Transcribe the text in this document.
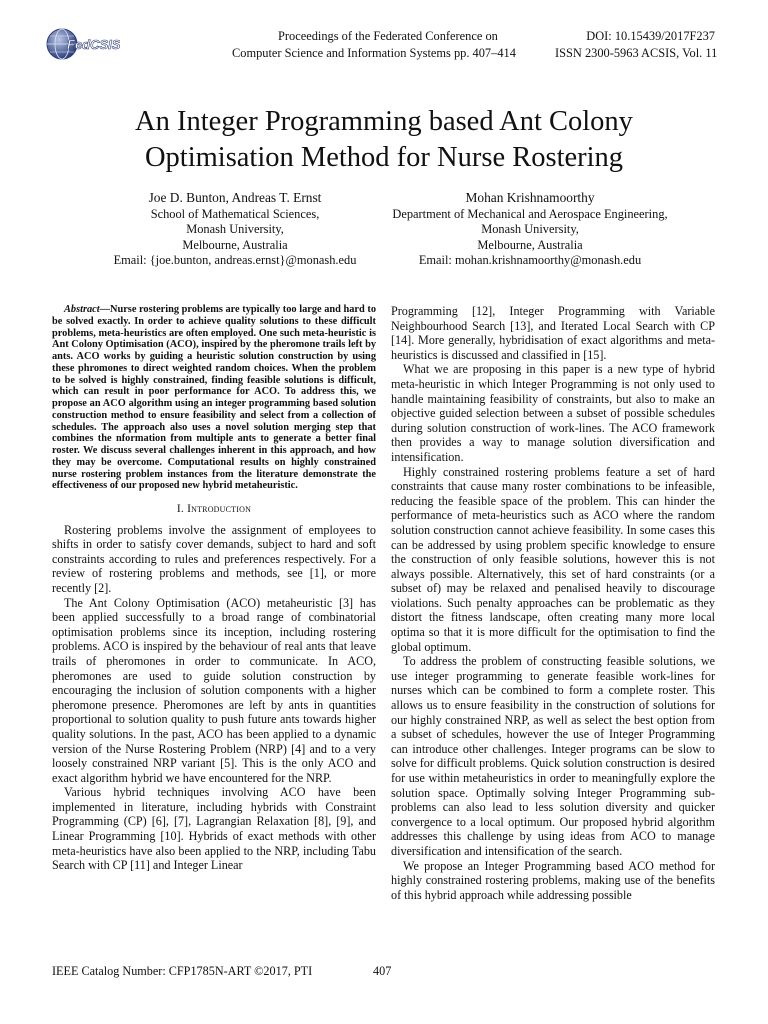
FedCSIS
Proceedings of the Federated Conference on
Computer Science and Information Systems pp. 407–414
DOI: 10.15439/2017F237
ISSN 2300-5963 ACSIS, Vol. 11
An Integer Programming based Ant Colony
Optimisation Method for Nurse Rostering
Joe D. Bunton, Andreas T. Ernst
School of Mathematical Sciences,
Monash University,
Melbourne, Australia
Email: {joe.bunton, andreas.ernst}@monash.edu
Mohan Krishnamoorthy
Department of Mechanical and Aerospace Engineering,
Monash University,
Melbourne, Australia
Email: mohan.krishnamoorthy@monash.edu

Abstract—Nurse rostering problems are typically too large and hard to be solved exactly. In order to achieve quality solutions to these difficult problems, meta-heuristics are often employed. One such meta-heuristic is Ant Colony Optimisation (ACO), inspired by the pheromone trails left by ants. ACO works by guiding a heuristic solution construction by using these phromones to direct weighted random choices. When the problem to be solved is highly constrained, finding feasible solutions is difficult, which can result in poor performance for ACO. To address this, we propose an ACO algorithm using an integer programming based solution construction method to ensure feasibility and select from a collection of schedules. The approach also uses a novel solution merging step that combines the nformation from multiple ants to generate a better final roster. We discuss several challenges inherent in this approach, and how they may be overcome. Computational results on highly constrained nurse rostering problem instances from the literature demonstrate the effectiveness of our proposed new hybrid metaheuristic.

I. Introduction

Rostering problems involve the assignment of employees to shifts in order to satisfy cover demands, subject to hard and soft constraints according to rules and preferences respectively. For a review of rostering problems and methods, see [1], or more recently [2].

The Ant Colony Optimisation (ACO) metaheuristic [3] has been applied successfully to a broad range of combinatorial optimisation problems since its inception, including rostering problems. ACO is inspired by the behaviour of real ants that leave trails of pheromones in order to communicate. In ACO, pheromones are used to guide solution construction by encouraging the inclusion of solution components with a higher pheromone presence. Pheromones are left by ants in quantities proportional to solution quality to push future ants towards higher quality solutions. In the past, ACO has been applied to a dynamic version of the Nurse Rostering Problem (NRP) [4] and to a very loosely constrained NRP variant [5]. This is the only ACO and exact algorithm hybrid we have encountered for the NRP.

Various hybrid techniques involving ACO have been implemented in literature, including hybrids with Constraint Programming (CP) [6], [7], Lagrangian Relaxation [8], [9], and Linear Programming [10]. Hybrids of exact methods with other meta-heuristics have also been applied to the NRP, including Tabu Search with CP [11] and Integer Linear

Programming [12], Integer Programming with Variable Neighbourhood Search [13], and Iterated Local Search with CP [14]. More generally, hybridisation of exact algorithms and meta-heuristics is discussed and classified in [15].

What we are proposing in this paper is a new type of hybrid meta-heuristic in which Integer Programming is not only used to handle maintaining feasibility of constraints, but also to make an objective guided selection between a subset of possible schedules during solution construction of work-lines. The ACO framework then provides a way to manage solution diversification and intensification.

Highly constrained rostering problems feature a set of hard constraints that cause many roster combinations to be infeasible, reducing the feasible space of the problem. This can hinder the performance of meta-heuristics such as ACO where the random solution construction cannot achieve feasibility. In some cases this can be addressed by using problem specific knowledge to ensure the construction of only feasible solutions, however this is not always possible. Alternatively, this set of hard constraints (or a subset of) may be relaxed and penalised heavily to discourage violations. Such penalty approaches can be problematic as they distort the fitness landscape, often creating many more local optima so that it is more difficult for the optimisation to find the global optimum.

To address the problem of constructing feasible solutions, we use integer programming to generate feasible work-lines for nurses which can be combined to form a complete roster. This allows us to ensure feasibility in the construction of solutions for our highly constrained NRP, as well as select the best option from a subset of schedules, however the use of Integer Programming can introduce other challenges. Integer programs can be slow to solve for difficult problems. Quick solution construction is desired for use within metaheuristics in order to meaningfully explore the solution space. Optimally solving Integer Programming sub-problems can also lead to less solution diversity and quicker convergence to a local optimum. Our proposed hybrid algorithm addresses this challenge by using ideas from ACO to manage diversification and intensification of the search.

We propose an Integer Programming based ACO method for highly constrained rostering problems, making use of the benefits of this hybrid approach while addressing possible

IEEE Catalog Number: CFP1785N-ART ©2017, PTI	407
